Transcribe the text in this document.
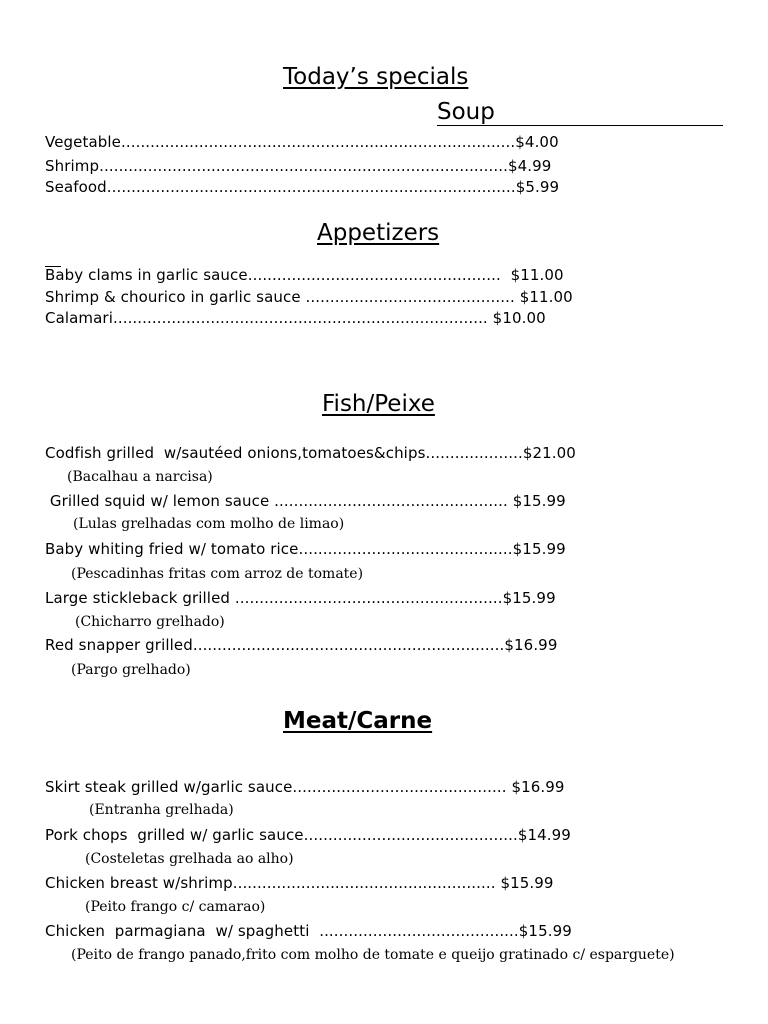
Today’s specials
Soup
Vegetable.................................................................................$4.00
Shrimp....................................................................................$4.99
Seafood....................................................................................$5.99
Appetizers
Baby clams in garlic sauce....................................................  $11.00
Shrimp & chourico in garlic sauce ........................................... $11.00
Calamari............................................................................. $10.00
Fish/Peixe
Codfish grilled  w/sautéed onions,tomatoes&chips....................$21.00
(Bacalhau a narcisa)
Grilled squid w/ lemon sauce ................................................ $15.99
(Lulas grelhadas com molho de limao)
Baby whiting fried w/ tomato rice............................................$15.99
(Pescadinhas fritas com arroz de tomate)
Large stickleback grilled .......................................................$15.99
(Chicharro grelhado)
Red snapper grilled................................................................$16.99
(Pargo grelhado)
Meat/Carne
Skirt steak grilled w/garlic sauce............................................ $16.99
(Entranha grelhada)
Pork chops  grilled w/ garlic sauce............................................$14.99
(Costeletas grelhada ao alho)
Chicken breast w/shrimp...................................................... $15.99
(Peito frango c/ camarao)
Chicken  parmagiana  w/ spaghetti  .........................................$15.99
(Peito de frango panado,frito com molho de tomate e queijo gratinado c/ esparguete)
